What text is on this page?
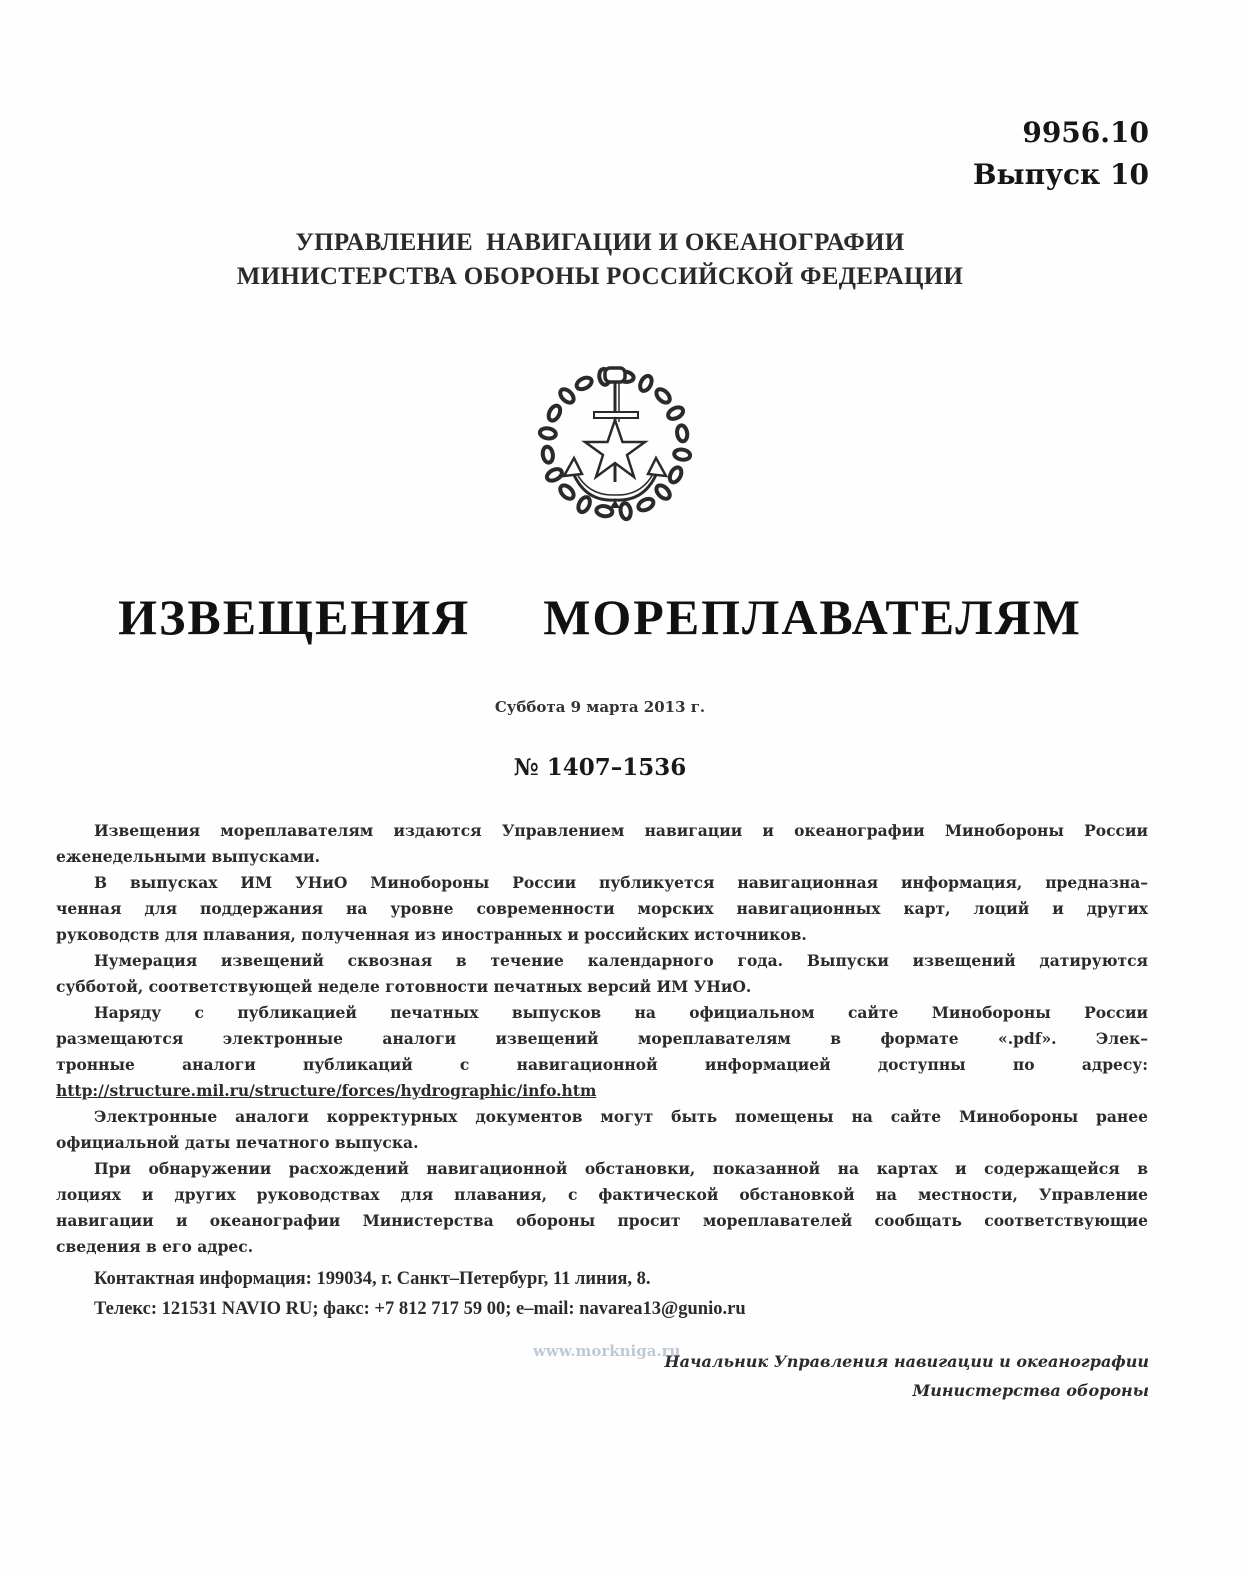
9956.10
Выпуск 10
УПРАВЛЕНИЕ  НАВИГАЦИИ И ОКЕАНОГРАФИИ
МИНИСТЕРСТВА ОБОРОНЫ РОССИЙСКОЙ ФЕДЕРАЦИИ
ИЗВЕЩЕНИЯ  МОРЕПЛАВАТЕЛЯМ
Суббота 9 марта 2013 г.
№ 1407–1536
Извещения мореплавателям издаются Управлением навигации и океанографии Минобороны России
еженедельными выпусками.
В выпусках ИМ УНиО Минобороны России публикуется навигационная информация, предназна–
ченная для поддержания на уровне современности морских навигационных карт, лоций и других
руководств для плавания, полученная из иностранных и российских источников.
Нумерация извещений сквозная в течение календарного года. Выпуски извещений датируются
субботой, соответствующей неделе готовности печатных версий ИМ УНиО.
Наряду с публикацией печатных выпусков на официальном сайте Минобороны России
размещаются электронные аналоги извещений мореплавателям в формате «.pdf». Элек–
тронные аналоги публикаций с навигационной информацией доступны по адресу:
http://structure.mil.ru/structure/forces/hydrographic/info.htm
Электронные аналоги корректурных документов могут быть помещены на сайте Минобороны ранее
официальной даты печатного выпуска.
При обнаружении расхождений навигационной обстановки, показанной на картах и содержащейся в
лоциях и других руководствах для плавания, с фактической обстановкой на местности, Управление
навигации и океанографии Министерства обороны просит мореплавателей сообщать соответствующие
сведения в его адрес.
Контактная информация: 199034, г. Санкт–Петербург, 11 линия, 8.
Телекс: 121531 NAVIO RU; факс: +7 812 717 59 00; e–mail: navarea13@gunio.ru
www.morkniga.ru
Начальник Управления навигации и океанографии
Министерства обороны
